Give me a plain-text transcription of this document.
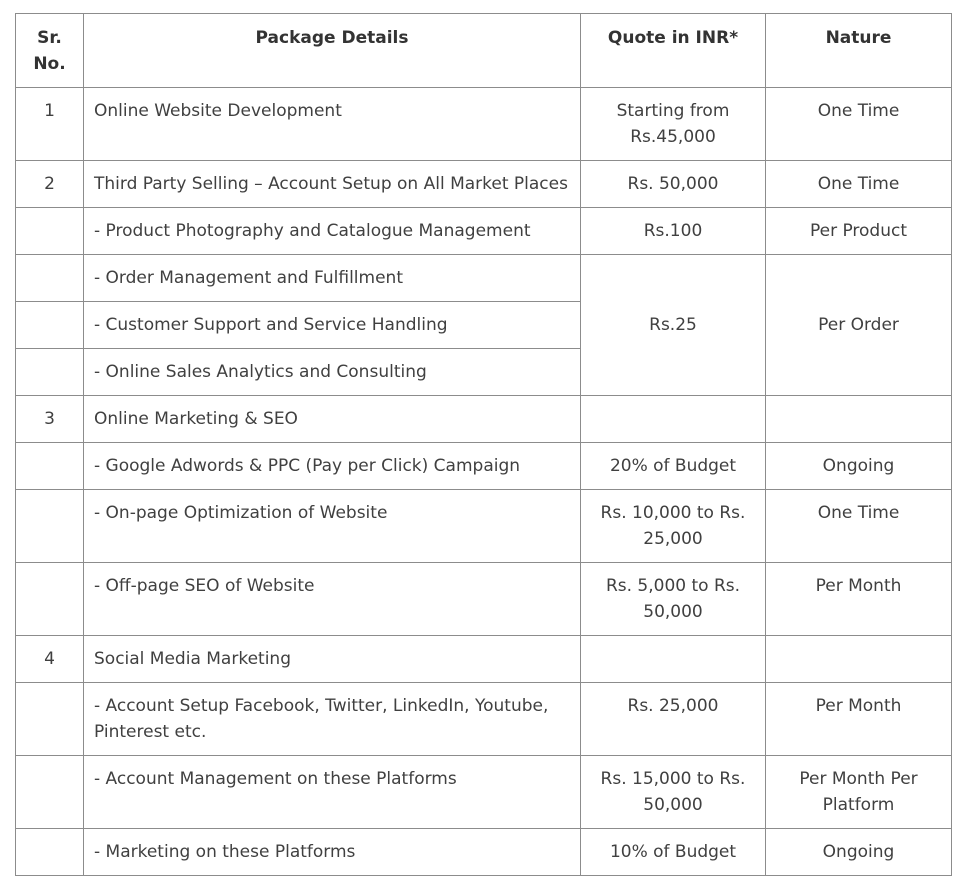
Sr. No.	Package Details	Quote in INR*	Nature
1	Online Website Development	Starting from Rs.45,000	One Time
2	Third Party Selling – Account Setup on All Market Places	Rs. 50,000	One Time
	- Product Photography and Catalogue Management	Rs.100	Per Product
	- Order Management and Fulfillment	Rs.25	Per Order
	- Customer Support and Service Handling		
	- Online Sales Analytics and Consulting		
3	Online Marketing & SEO		
	- Google Adwords & PPC (Pay per Click) Campaign	20% of Budget	Ongoing
	- On-page Optimization of Website	Rs. 10,000 to Rs. 25,000	One Time
	- Off-page SEO of Website	Rs. 5,000 to Rs. 50,000	Per Month
4	Social Media Marketing		
	- Account Setup Facebook, Twitter, LinkedIn, Youtube, Pinterest etc.	Rs. 25,000	Per Month
	- Account Management on these Platforms	Rs. 15,000 to Rs. 50,000	Per Month Per Platform
	- Marketing on these Platforms	10% of Budget	Ongoing
